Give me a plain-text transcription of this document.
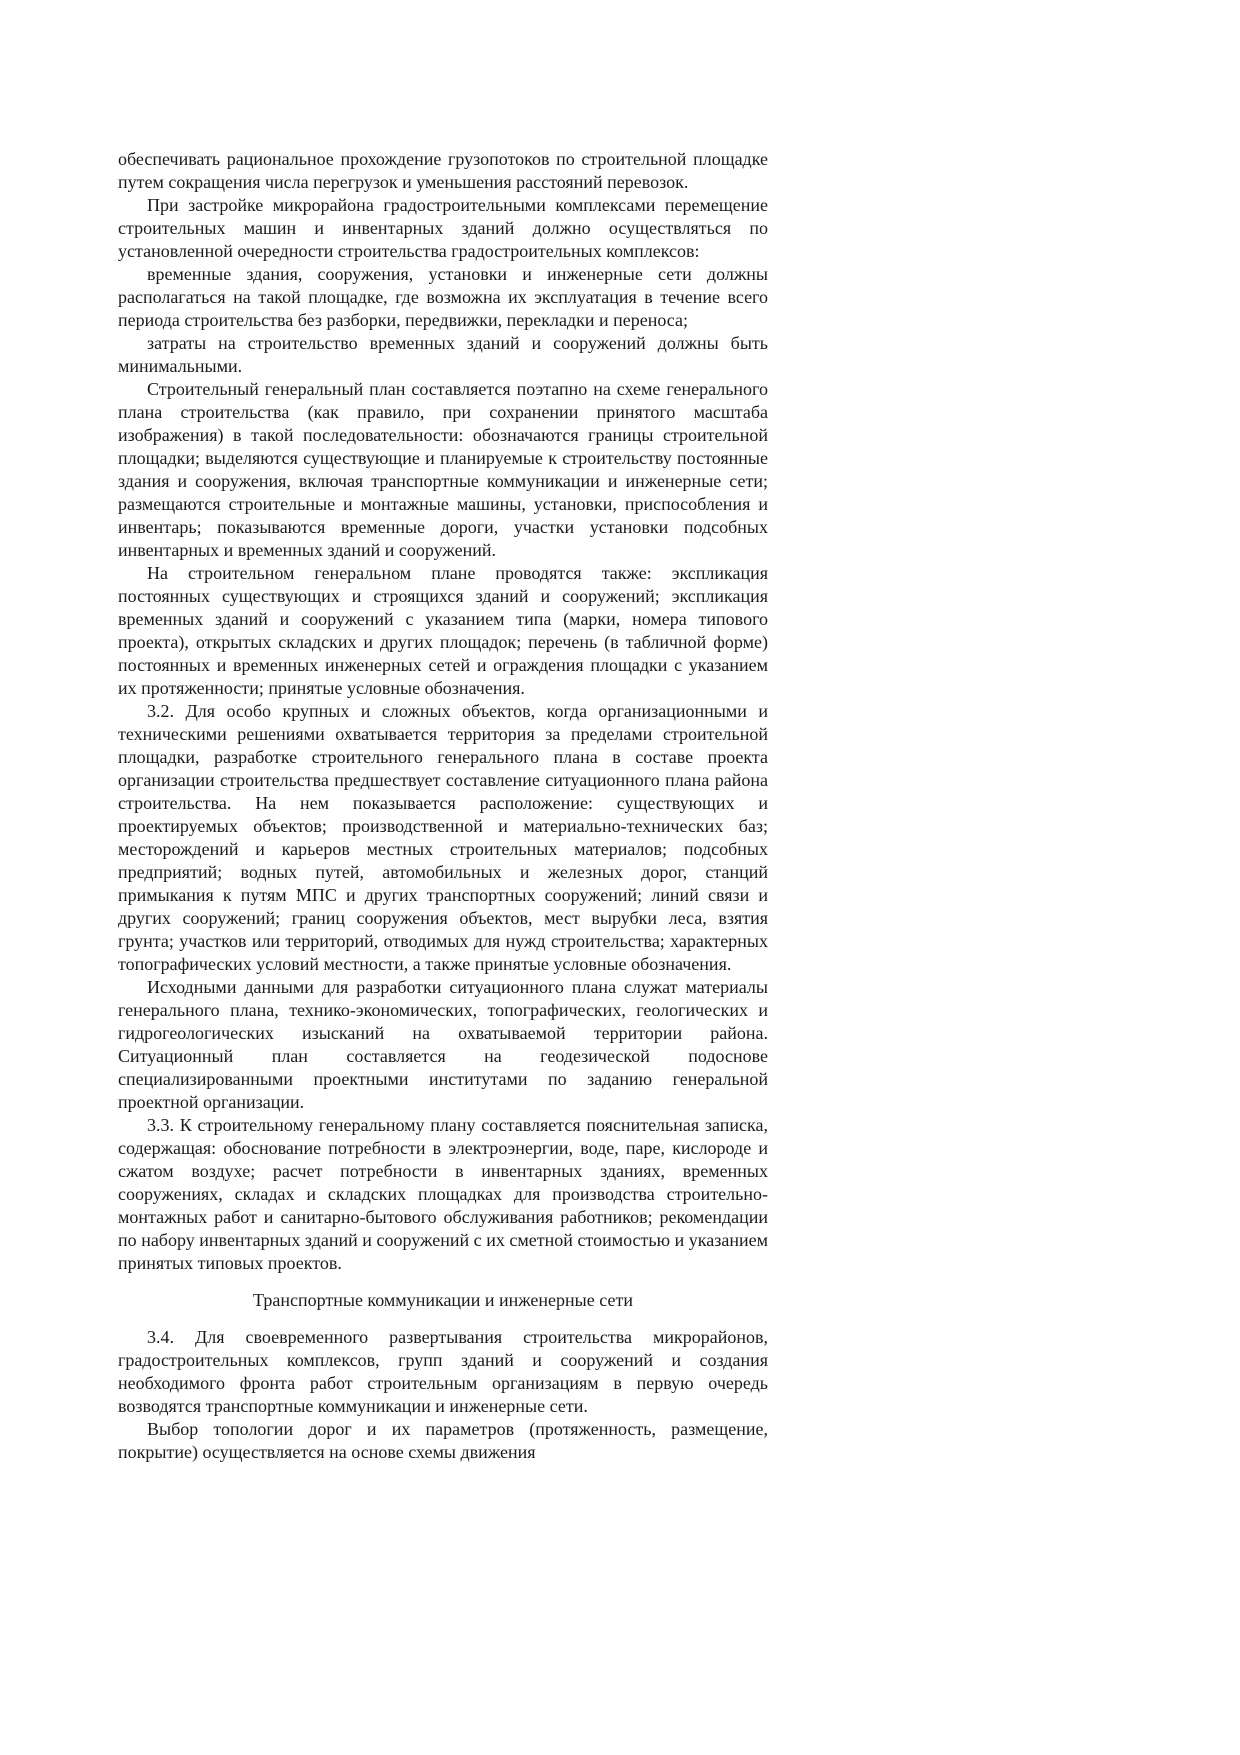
обеспечивать рациональное прохождение грузопотоков по строительной площадке путем сокращения числа перегрузок и уменьшения расстояний перевозок.

При застройке микрорайона градостроительными комплексами перемещение строительных машин и инвентарных зданий должно осуществляться по установленной очередности строительства градостроительных комплексов:

временные здания, сооружения, установки и инженерные сети должны располагаться на такой площадке, где возможна их эксплуатация в течение всего периода строительства без разборки, передвижки, перекладки и переноса;

затраты на строительство временных зданий и сооружений должны быть минимальными.

Строительный генеральный план составляется поэтапно на схеме генерального плана строительства (как правило, при сохранении принятого масштаба изображения) в такой последовательности: обозначаются границы строительной площадки; выделяются существующие и планируемые к строительству постоянные здания и сооружения, включая транспортные коммуникации и инженерные сети; размещаются строительные и монтажные машины, установки, приспособления и инвентарь; показываются временные дороги, участки установки подсобных инвентарных и временных зданий и сооружений.

На строительном генеральном плане проводятся также: экспликация постоянных существующих и строящихся зданий и сооружений; экспликация временных зданий и сооружений с указанием типа (марки, номера типового проекта), открытых складских и других площадок; перечень (в табличной форме) постоянных и временных инженерных сетей и ограждения площадки с указанием их протяженности; принятые условные обозначения.

3.2. Для особо крупных и сложных объектов, когда организационными и техническими решениями охватывается территория за пределами строительной площадки, разработке строительного генерального плана в составе проекта организации строительства предшествует составление ситуационного плана района строительства. На нем показывается расположение: существующих и проектируемых объектов; производственной и материально-технических баз; месторождений и карьеров местных строительных материалов; подсобных предприятий; водных путей, автомобильных и железных дорог, станций примыкания к путям МПС и других транспортных сооружений; линий связи и других сооружений; границ сооружения объектов, мест вырубки леса, взятия грунта; участков или территорий, отводимых для нужд строительства; характерных топографических условий местности, а также принятые условные обозначения.

Исходными данными для разработки ситуационного плана служат материалы генерального плана, технико-экономических, топографических, геологических и гидрогеологических изысканий на охватываемой территории района. Ситуационный план составляется на геодезической подоснове специализированными проектными институтами по заданию генеральной проектной организации.

3.3. К строительному генеральному плану составляется пояснительная записка, содержащая: обоснование потребности в электроэнергии, воде, паре, кислороде и сжатом воздухе; расчет потребности в инвентарных зданиях, временных сооружениях, складах и складских площадках для производства строительно-монтажных работ и санитарно-бытового обслуживания работников; рекомендации по набору инвентарных зданий и сооружений с их сметной стоимостью и указанием принятых типовых проектов.

Транспортные коммуникации и инженерные сети

3.4. Для своевременного развертывания строительства микрорайонов, градостроительных комплексов, групп зданий и сооружений и создания необходимого фронта работ строительным организациям в первую очередь возводятся транспортные коммуникации и инженерные сети.

Выбор топологии дорог и их параметров (протяженность, размещение, покрытие) осуществляется на основе схемы движения
